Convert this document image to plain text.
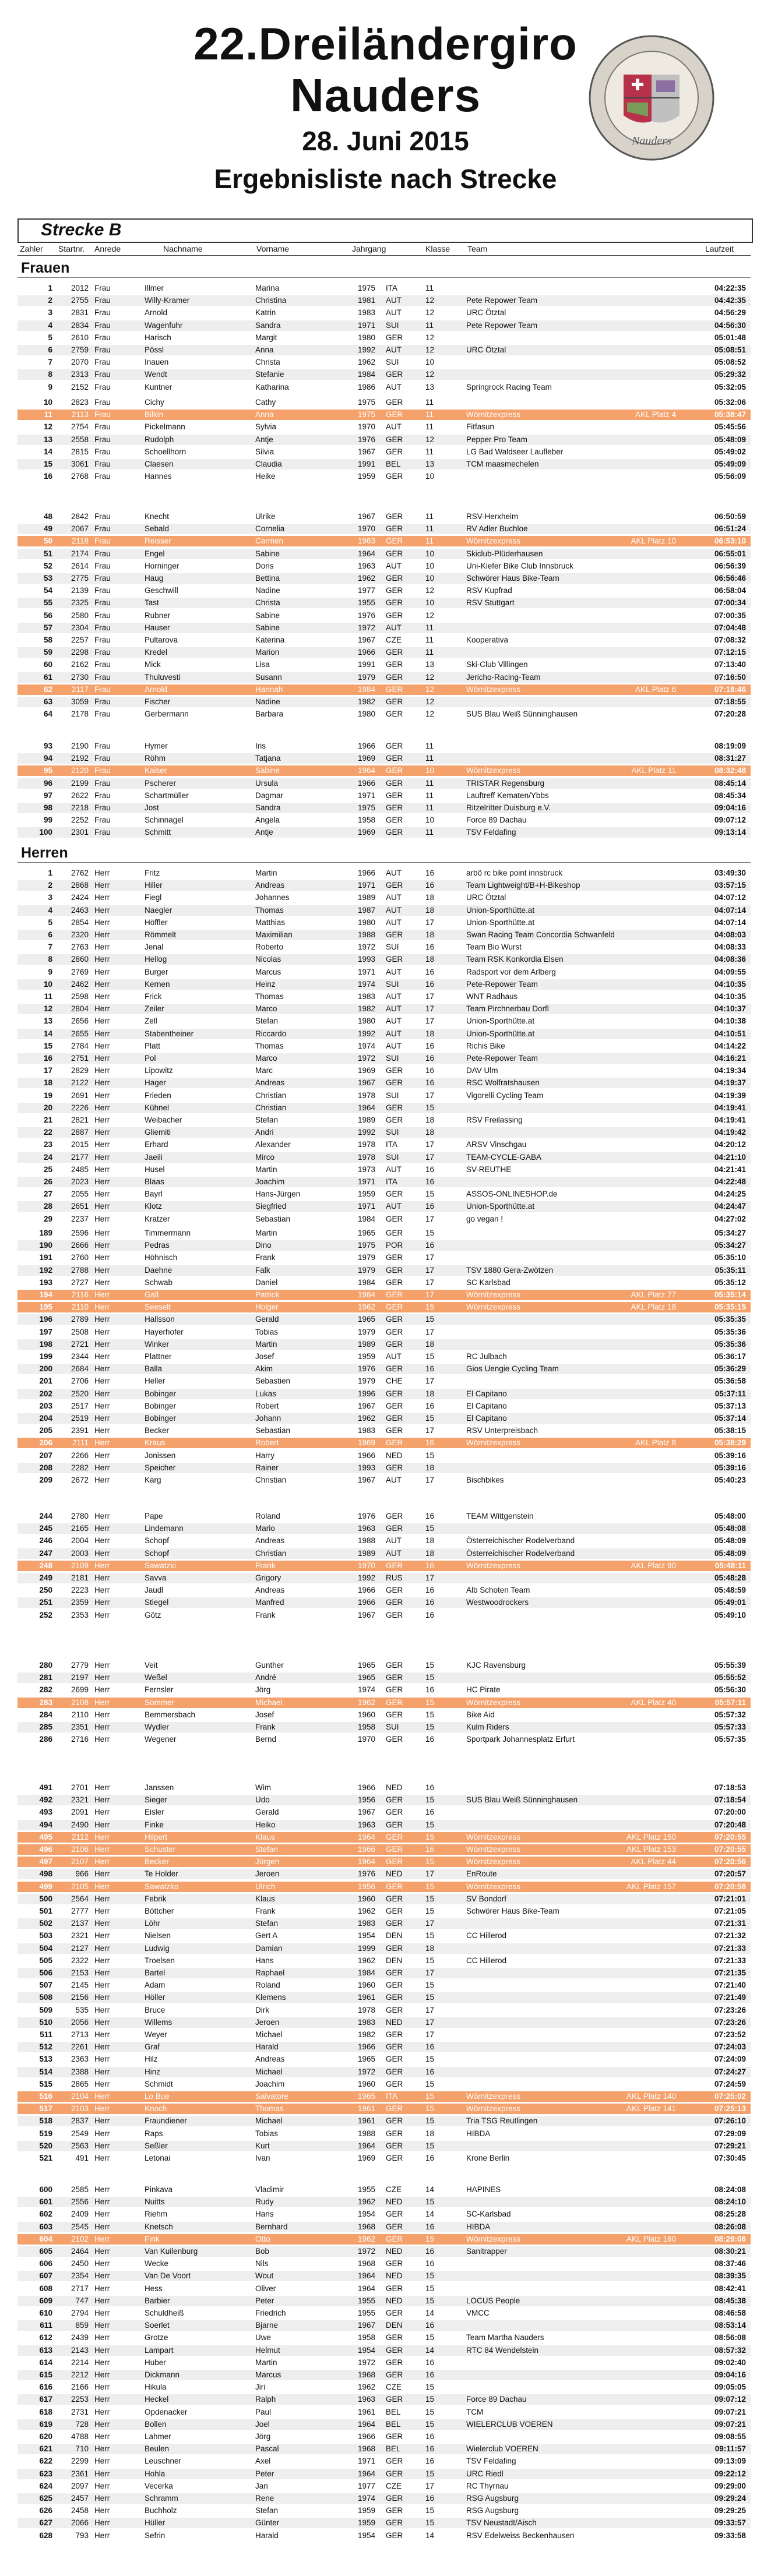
22.Dreiländergiro
Nauders
28. Juni 2015
Ergebnisliste nach Strecke
Nauders
Strecke B
Zahler Startnr. Anrede	Nachname	Vorname	Jahrgang	Klasse Team	Laufzeit
Frauen
1	2012 Frau	Illmer	Marina	1975	ITA	11	04:22:35
2	2755 Frau	Willy-Kramer	Christina	1981	AUT	12	Pete Repower Team	04:42:35
3	2831 Frau	Arnold	Katrin	1983	AUT	12	URC Ötztal	04:56:29
4	2834 Frau	Wagenfuhr	Sandra	1971	SUI	11	Pete Repower Team	04:56:30
5	2610 Frau	Harisch	Margit	1980	GER	12	05:01:48
6	2759 Frau	Pössl	Anna	1992	AUT	12	URC Ötztal	05:08:51
7	2070 Frau	Inauen	Christa	1962	SUI	10	05:08:52
8	2313 Frau	Wendt	Stefanie	1984	GER	12	05:29:32
9	2152 Frau	Kuntner	Katharina	1986	AUT	13	Springrock Racing Team	05:32:05
10	2823 Frau	Cichy	Cathy	1975	GER	11	05:32:06
11	2113 Frau	Bilkin	Anna	1975	GER	11	Wörnitzexpress	AKL Platz 4	05:38:47
12	2754 Frau	Pickelmann	Sylvia	1970	AUT	11	Fitfasun	05:45:56
13	2558 Frau	Rudolph	Antje	1976	GER	12	Pepper Pro Team	05:48:09
14	2815 Frau	Schoellhorn	Silvia	1967	GER	11	LG Bad Waldseer Laufleber	05:49:02
15	3061 Frau	Claesen	Claudia	1991	BEL	13	TCM maasmechelen	05:49:09
16	2768 Frau	Hannes	Heike	1959	GER	10	05:56:09
48	2842 Frau	Knecht	Ulrike	1967	GER	11	RSV-Herxheim	06:50:59
49	2067 Frau	Sebald	Cornelia	1970	GER	11	RV Adler Buchloe	06:51:24
50	2118 Frau	Reisser	Carmen	1963	GER	11	Wörnitzexpress	AKL Platz 10	06:53:10
51	2174 Frau	Engel	Sabine	1964	GER	10	Skiclub-Plüderhausen	06:55:01
52	2614 Frau	Horninger	Doris	1963	AUT	10	Uni-Kiefer Bike Club Innsbruck	06:56:39
53	2775 Frau	Haug	Bettina	1962	GER	10	Schwörer Haus Bike-Team	06:56:46
54	2139 Frau	Geschwill	Nadine	1977	GER	12	RSV Kupfrad	06:58:04
55	2325 Frau	Tast	Christa	1955	GER	10	RSV Stuttgart	07:00:34
56	2580 Frau	Rubner	Sabine	1976	GER	12	07:00:35
57	2304 Frau	Hauser	Sabine	1972	AUT	11	07:04:48
58	2257 Frau	Pultarova	Katerina	1967	CZE	11	Kooperativa	07:08:32
59	2298 Frau	Kredel	Marion	1966	GER	11	07:12:15
60	2162 Frau	Mick	Lisa	1991	GER	13	Ski-Club Villingen	07:13:40
61	2730 Frau	Thuluvesti	Susann	1979	GER	12	Jericho-Racing-Team	07:16:50
62	2117 Frau	Arnold	Hannah	1984	GER	12	Wörnitzexpress	AKL Platz 6	07:18:46
63	3059 Frau	Fischer	Nadine	1982	GER	12	07:18:55
64	2178 Frau	Gerbermann	Barbara	1980	GER	12	SUS Blau Weiß Sünninghausen	07:20:28
93	2190 Frau	Hymer	Iris	1966	GER	11	08:19:09
94	2192 Frau	Röhm	Tatjana	1969	GER	11	08:31:27
95	2120 Frau	Kaiser	Sabine	1964	GER	10	Wörnitzexpress	AKL Platz 11	08:32:48
96	2199 Frau	Pscherer	Ursula	1966	GER	11	TRISTAR Regensburg	08:45:14
97	2622 Frau	Schartmüller	Dagmar	1971	GER	11	Lauftreff Kematen/Ybbs	08:45:34
98	2218 Frau	Jost	Sandra	1975	GER	11	Ritzelritter Duisburg e.V.	09:04:16
99	2252 Frau	Schinnagel	Angela	1958	GER	10	Force 89 Dachau	09:07:12
100	2301 Frau	Schmitt	Antje	1969	GER	11	TSV Feldafing	09:13:14
Herren
1	2762 Herr	Fritz	Martin	1966	AUT	16	arbö rc bike point innsbruck	03:49:30
2	2868 Herr	Hiller	Andreas	1971	GER	16	Team Lightweight/B+H-Bikeshop	03:57:15
3	2424 Herr	Fiegl	Johannes	1989	AUT	18	URC Ötztal	04:07:12
4	2463 Herr	Naegler	Thomas	1987	AUT	18	Union-Sporthütte.at	04:07:14
5	2854 Herr	Höffler	Matthias	1980	AUT	17	Union-Sporthütte.at	04:07:14
6	2320 Herr	Römmelt	Maximilian	1988	GER	18	Swan Racing Team Concordia Schwanfeld	04:08:03
7	2763 Herr	Jenal	Roberto	1972	SUI	16	Team Bio Wurst	04:08:33
8	2860 Herr	Hellog	Nicolas	1993	GER	18	Team RSK Konkordia Elsen	04:08:36
9	2769 Herr	Burger	Marcus	1971	AUT	16	Radsport vor dem Arlberg	04:09:55
10	2462 Herr	Kernen	Heinz	1974	SUI	16	Pete-Repower Team	04:10:35
11	2598 Herr	Frick	Thomas	1983	AUT	17	WNT Radhaus	04:10:35
12	2804 Herr	Zeiler	Marco	1982	AUT	17	Team Pirchnerbau Dorfl	04:10:37
13	2656 Herr	Zell	Stefan	1980	AUT	17	Union-Sporthütte.at	04:10:38
14	2655 Herr	Stabentheiner	Riccardo	1992	AUT	18	Union-Sporthütte.at	04:10:51
15	2784 Herr	Platt	Thomas	1974	AUT	16	Richis Bike	04:14:22
16	2751 Herr	Pol	Marco	1972	SUI	16	Pete-Repower Team	04:16:21
17	2829 Herr	Lipowitz	Marc	1969	GER	16	DAV Ulm	04:19:34
18	2122 Herr	Hager	Andreas	1967	GER	16	RSC Wolfratshausen	04:19:37
19	2691 Herr	Frieden	Christian	1978	SUI	17	Vigorelli Cycling Team	04:19:39
20	2226 Herr	Kühnel	Christian	1964	GER	15	04:19:41
21	2821 Herr	Weibacher	Stefan	1989	GER	18	RSV Freilassing	04:19:41
22	2887 Herr	Gliemiti	Andri	1992	SUI	18	04:19:42
23	2015 Herr	Erhard	Alexander	1978	ITA	17	ARSV Vinschgau	04:20:12
24	2177 Herr	Jaeili	Mirco	1978	SUI	17	TEAM-CYCLE-GABA	04:21:10
25	2485 Herr	Husel	Martin	1973	AUT	16	SV-REUTHE	04:21:41
26	2023 Herr	Blaas	Joachim	1971	ITA	16	04:22:48
27	2055 Herr	Bayrl	Hans-Jürgen	1959	GER	15	ASSOS-ONLINESHOP.de	04:24:25
28	2651 Herr	Klotz	Siegfried	1971	AUT	16	Union-Sporthütte.at	04:24:47
29	2237 Herr	Kratzer	Sebastian	1984	GER	17	go vegan !	04:27:02
189	2596 Herr	Timmermann	Martin	1965	GER	15	05:34:27
190	2666 Herr	Pedras	Dino	1975	POR	16	05:34:27
191	2760 Herr	Höhnisch	Frank	1979	GER	17	05:35:10
192	2788 Herr	Daehne	Falk	1979	GER	17	TSV 1880 Gera-Zwötzen	05:35:11
193	2727 Herr	Schwab	Daniel	1984	GER	17	SC Karlsbad	05:35:12
194	2116 Herr	Gall	Patrick	1984	GER	17	Wörnitzexpress	AKL Platz 77	05:35:14
195	2110 Herr	Seeselt	Holger	1962	GER	15	Wörnitzexpress	AKL Platz 18	05:35:15
196	2789 Herr	Hallsson	Gerald	1965	GER	15	05:35:35
197	2508 Herr	Hayerhofer	Tobias	1979	GER	17	05:35:36
198	2721 Herr	Winker	Martin	1989	GER	18	05:35:36
199	2344 Herr	Plattner	Josef	1959	AUT	15	RC Julbach	05:36:17
200	2684 Herr	Balla	Akim	1976	GER	16	Gios Uengie Cycling Team	05:36:29
201	2706 Herr	Heller	Sebastien	1979	CHE	17	05:36:58
202	2520 Herr	Bobinger	Lukas	1996	GER	18	El Capitano	05:37:11
203	2517 Herr	Bobinger	Robert	1967	GER	16	El Capitano	05:37:13
204	2519 Herr	Bobinger	Johann	1962	GER	15	El Capitano	05:37:14
205	2391 Herr	Becker	Sebastian	1983	GER	17	RSV Unterpreisbach	05:38:15
206	2111 Herr	Kraus	Robert	1969	GER	16	Wörnitzexpress	AKL Platz 8	05:38:29
207	2266 Herr	Jonissen	Harry	1966	NED	15	05:39:16
208	2282 Herr	Speicher	Rainer	1993	GER	18	05:39:16
209	2672 Herr	Karg	Christian	1967	AUT	17	Bischbikes	05:40:23
244	2780 Herr	Pape	Roland	1976	GER	16	TEAM Wittgenstein	05:48:00
245	2165 Herr	Lindemann	Mario	1963	GER	15	05:48:08
246	2004 Herr	Schopf	Andreas	1988	AUT	18	Österreichischer Rodelverband	05:48:09
247	2003 Herr	Schopf	Christian	1989	AUT	18	Österreichischer Rodelverband	05:48:09
248	2109 Herr	Sawatzki	Frank	1970	GER	16	Wörnitzexpress	AKL Platz 90	05:48:11
249	2181 Herr	Savva	Grigory	1992	RUS	17	05:48:28
250	2223 Herr	Jaudl	Andreas	1966	GER	16	Alb Schoten Team	05:48:59
251	2359 Herr	Stiegel	Manfred	1966	GER	16	Westwoodrockers	05:49:01
252	2353 Herr	Götz	Frank	1967	GER	16	05:49:10
280	2779 Herr	Veit	Gunther	1965	GER	15	KJC Ravensburg	05:55:39
281	2197 Herr	Weßel	André	1965	GER	15	05:55:52
282	2699 Herr	Fernsler	Jörg	1974	GER	16	HC Pirate	05:56:30
283	2108 Herr	Sommer	Michael	1962	GER	15	Wörnitzexpress	AKL Platz 40	05:57:11
284	2110 Herr	Bemmersbach	Josef	1960	GER	15	Bike Aid	05:57:32
285	2351 Herr	Wydler	Frank	1958	SUI	15	Kulm Riders	05:57:33
286	2716 Herr	Wegener	Bernd	1970	GER	16	Sportpark Johannesplatz Erfurt	05:57:35
491	2701 Herr	Janssen	Wim	1966	NED	16	07:18:53
492	2321 Herr	Sieger	Udo	1956	GER	15	SUS Blau Weiß Sünninghausen	07:18:54
493	2091 Herr	Eisler	Gerald	1967	GER	16	07:20:00
494	2490 Herr	Finke	Heiko	1963	GER	15	07:20:48
495	2112 Herr	Hilpert	Klaus	1964	GER	15	Wörnitzexpress	AKL Platz 150	07:20:55
496	2106 Herr	Schuster	Stefan	1966	GER	16	Wörnitzexpress	AKL Platz 153	07:20:55
497	2107 Herr	Becker	Jürgen	1964	GER	15	Wörnitzexpress	AKL Platz 44	07:20:56
498	966 Herr	Te Holder	Jeroen	1976	NED	17	EnRoute	07:20:57
499	2105 Herr	Sawatzko	Ulrich	1956	GER	15	Wörnitzexpress	AKL Platz 157	07:20:58
500	2564 Herr	Febrik	Klaus	1960	GER	15	SV Bondorf	07:21:01
501	2777 Herr	Böttcher	Frank	1962	GER	15	Schwörer Haus Bike-Team	07:21:05
502	2137 Herr	Löhr	Stefan	1983	GER	17	07:21:31
503	2321 Herr	Nielsen	Gert A	1954	DEN	15	CC Hillerod	07:21:32
504	2127 Herr	Ludwig	Damian	1999	GER	18	07:21:33
505	2322 Herr	Troelsen	Hans	1962	DEN	15	CC Hillerod	07:21:33
506	2153 Herr	Bartel	Raphael	1984	GER	17	07:21:35
507	2145 Herr	Adam	Roland	1960	GER	15	07:21:40
508	2156 Herr	Höller	Klemens	1961	GER	15	07:21:49
509	535 Herr	Bruce	Dirk	1978	GER	17	07:23:26
510	2056 Herr	Willems	Jeroen	1983	NED	17	07:23:26
511	2713 Herr	Weyer	Michael	1982	GER	17	07:23:52
512	2261 Herr	Graf	Harald	1966	GER	16	07:24:03
513	2363 Herr	Hilz	Andreas	1965	GER	15	07:24:09
514	2388 Herr	Hinz	Michael	1972	GER	16	07:24:27
515	2865 Herr	Schmidt	Joachim	1960	GER	15	07:24:59
516	2104 Herr	Lo Bue	Salvatore	1965	ITA	15	Wörnitzexpress	AKL Platz 140	07:25:02
517	2103 Herr	Knoch	Thomas	1961	GER	15	Wörnitzexpress	AKL Platz 141	07:25:13
518	2837 Herr	Fraundiener	Michael	1961	GER	15	Tria TSG Reutlingen	07:26:10
519	2549 Herr	Raps	Tobias	1988	GER	18	HIBDA	07:29:09
520	2563 Herr	Seßler	Kurt	1964	GER	15	07:29:21
521	491 Herr	Letonai	Ivan	1969	GER	16	Krone Berlin	07:30:45
600	2585 Herr	Pinkava	Vladimir	1955	CZE	14	HAPINES	08:24:08
601	2556 Herr	Nuitts	Rudy	1962	NED	15	08:24:10
602	2409 Herr	Riehm	Hans	1954	GER	14	SC-Karlsbad	08:25:28
603	2545 Herr	Knetsch	Bernhard	1968	GER	16	HIBDA	08:26:08
604	2102 Herr	Fink	Otto	1962	GER	15	Wörnitzexpress	AKL Platz 160	08:29:06
605	2464 Herr	Van Kuilenburg	Bob	1972	NED	16	Sanitrapper	08:30:21
606	2450 Herr	Wecke	Nils	1968	GER	16	08:37:46
607	2354 Herr	Van De Voort	Wout	1964	NED	15	08:39:35
608	2717 Herr	Hess	Oliver	1964	GER	15	08:42:41
609	747 Herr	Barbier	Peter	1955	NED	15	LOCUS People	08:45:38
610	2794 Herr	Schuldheiß	Friedrich	1955	GER	14	VMCC	08:46:58
611	859 Herr	Soerlet	Bjarne	1967	DEN	16	08:53:14
612	2439 Herr	Grotze	Uwe	1958	GER	15	Team Martha Nauders	08:56:08
613	2143 Herr	Lampart	Helmut	1954	GER	14	RTC 84 Wendelstein	08:57:32
614	2214 Herr	Huber	Martin	1972	GER	16	09:02:40
615	2212 Herr	Dickmann	Marcus	1968	GER	16	09:04:16
616	2166 Herr	Hikula	Jiri	1962	CZE	15	09:05:05
617	2253 Herr	Heckel	Ralph	1963	GER	15	Force 89 Dachau	09:07:12
618	2731 Herr	Opdenacker	Paul	1961	BEL	15	TCM	09:07:21
619	728 Herr	Bollen	Joel	1964	BEL	15	WIELERCLUB VOEREN	09:07:21
620	4788 Herr	Lahmer	Jörg	1966	GER	16	09:08:55
621	710 Herr	Beulen	Pascal	1968	BEL	16	Wielerclub VOEREN	09:11:57
622	2299 Herr	Leuschner	Axel	1971	GER	16	TSV Feldafing	09:13:09
623	2361 Herr	Hohla	Peter	1964	GER	15	URC Riedl	09:22:12
624	2097 Herr	Vecerka	Jan	1977	CZE	17	RC Thyrnau	09:29:00
625	2457 Herr	Schramm	Rene	1974	GER	16	RSG Augsburg	09:29:24
626	2458 Herr	Buchholz	Stefan	1959	GER	15	RSG Augsburg	09:29:25
627	2066 Herr	Hüller	Günter	1959	GER	15	TSV Neustadt/Aisch	09:33:57
628	793 Herr	Sefrin	Harald	1954	GER	14	RSV Edelweiss Beckenhausen	09:33:58
